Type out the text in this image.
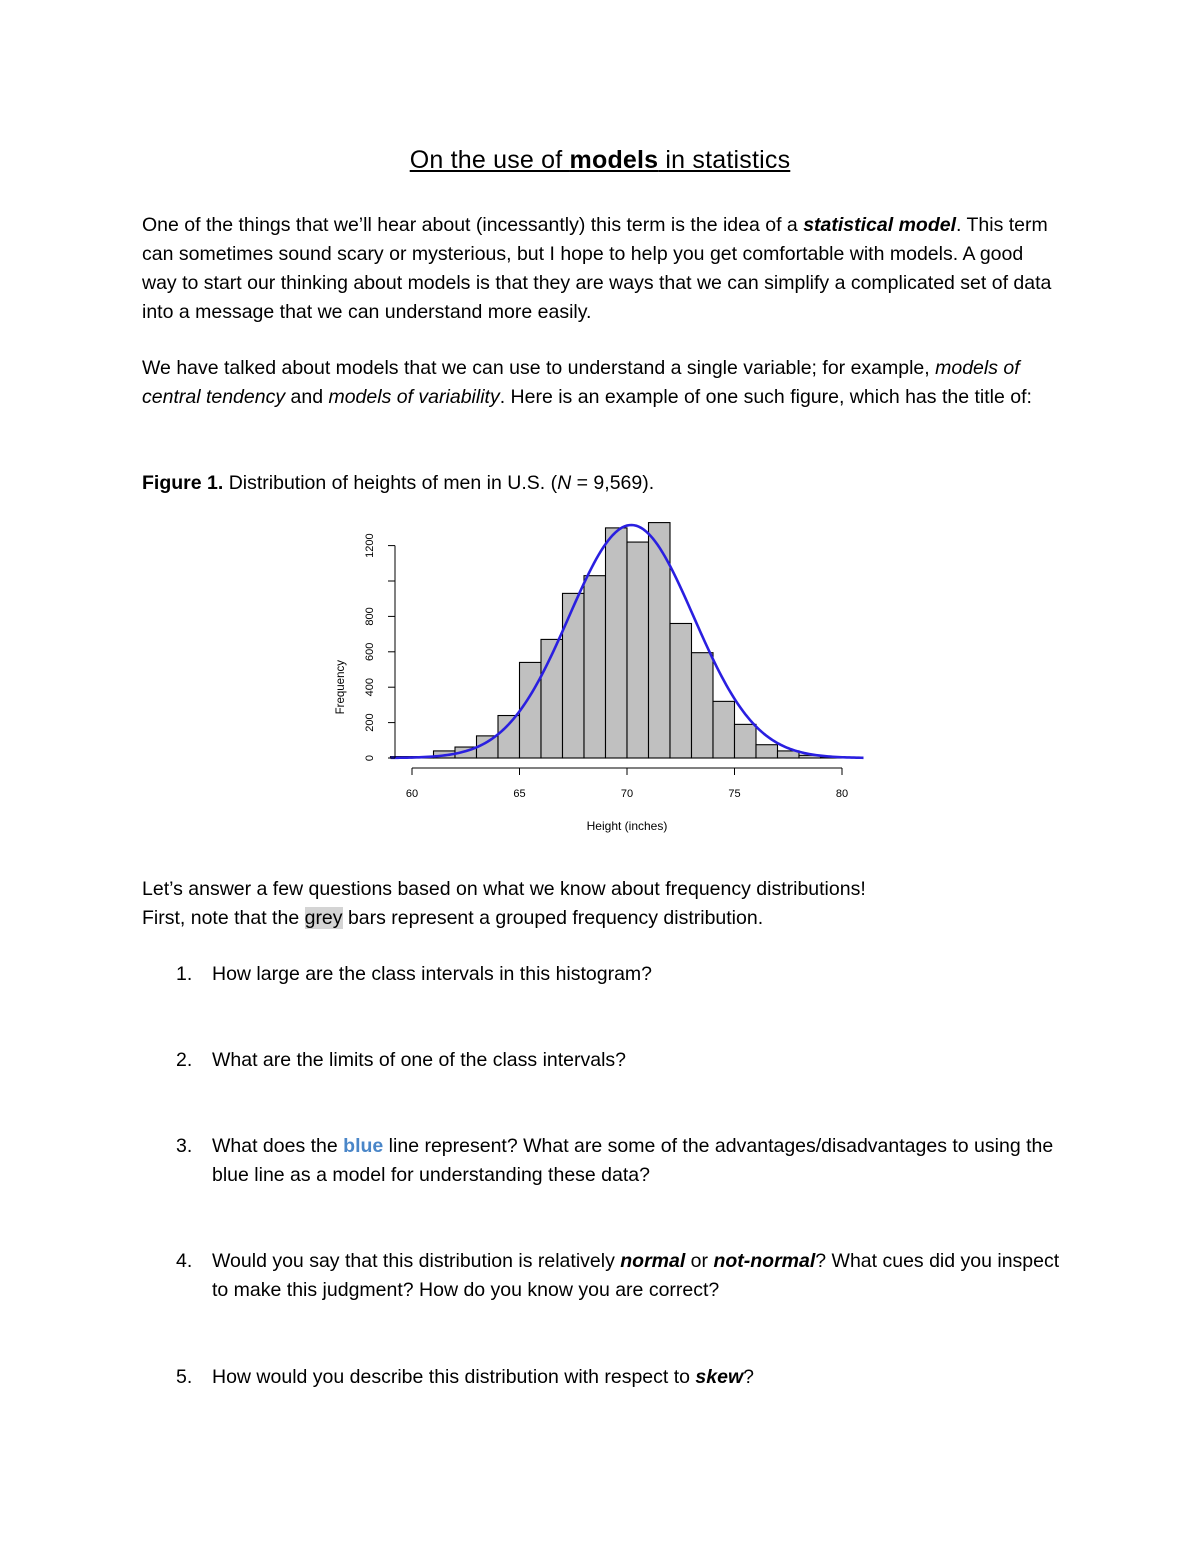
On the use of models in statistics
One of the things that we’ll hear about (incessantly) this term is the idea of a statistical model. This term can sometimes sound scary or mysterious, but I hope to help you get comfortable with models. A good way to start our thinking about models is that they are ways that we can simplify a complicated set of data into a message that we can understand more easily.
We have talked about models that we can use to understand a single variable; for example, models of central tendency and models of variability. Here is an example of one such figure, which has the title of:
Figure 1. Distribution of heights of men in U.S. (N = 9,569).
0
200
400
600
800
1200
60	65	70	75	80
Frequency
Height (inches)
Let’s answer a few questions based on what we know about frequency distributions!
First, note that the grey bars represent a grouped frequency distribution.
1. How large are the class intervals in this histogram?
2. What are the limits of one of the class intervals?
3. What does the blue line represent? What are some of the advantages/disadvantages to using the blue line as a model for understanding these data?
4. Would you say that this distribution is relatively normal or not-normal? What cues did you inspect to make this judgment? How do you know you are correct?
5. How would you describe this distribution with respect to skew?
